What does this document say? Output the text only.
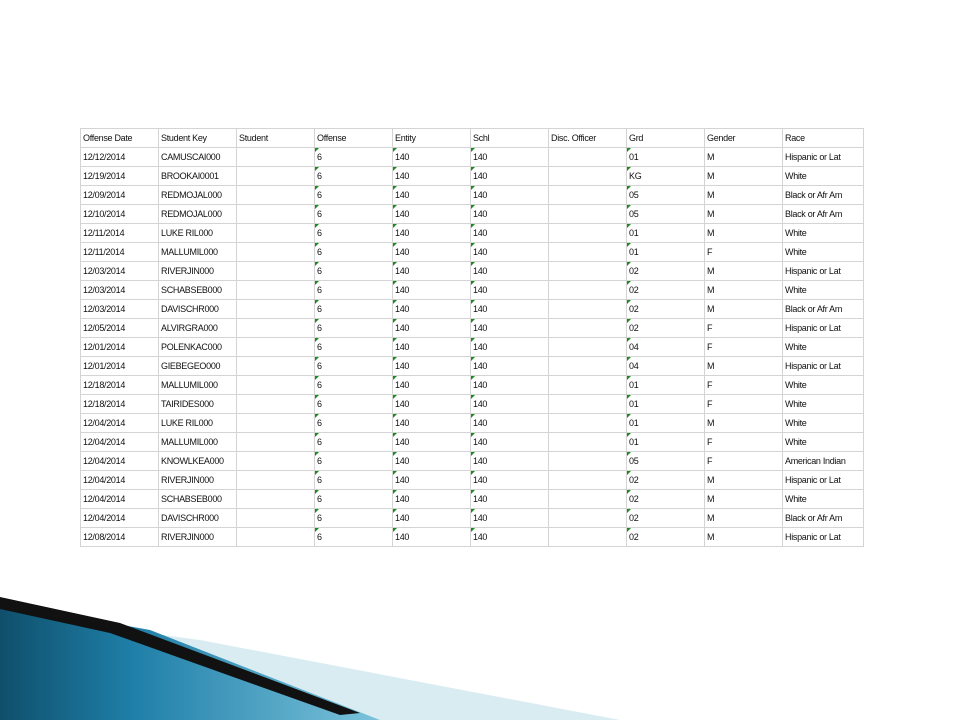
Offense Date	Student Key	Student	Offense	Entity	Schl	Disc. Officer	Grd	Gender	Race
12/12/2014	CAMUSCAI000		6	140	140		01	M	Hispanic or Lat
12/19/2014	BROOKAI0001		6	140	140		KG	M	White
12/09/2014	REDMOJAL000		6	140	140		05	M	Black or Afr Am
12/10/2014	REDMOJAL000		6	140	140		05	M	Black or Afr Am
12/11/2014	LUKE RIL000		6	140	140		01	M	White
12/11/2014	MALLUMIL000		6	140	140		01	F	White
12/03/2014	RIVERJIN000		6	140	140		02	M	Hispanic or Lat
12/03/2014	SCHABSEB000		6	140	140		02	M	White
12/03/2014	DAVISCHR000		6	140	140		02	M	Black or Afr Am
12/05/2014	ALVIRGRA000		6	140	140		02	F	Hispanic or Lat
12/01/2014	POLENKAC000		6	140	140		04	F	White
12/01/2014	GIEBEGEO000		6	140	140		04	M	Hispanic or Lat
12/18/2014	MALLUMIL000		6	140	140		01	F	White
12/18/2014	TAIRIDES000		6	140	140		01	F	White
12/04/2014	LUKE RIL000		6	140	140		01	M	White
12/04/2014	MALLUMIL000		6	140	140		01	F	White
12/04/2014	KNOWLKEA000		6	140	140		05	F	American Indian
12/04/2014	RIVERJIN000		6	140	140		02	M	Hispanic or Lat
12/04/2014	SCHABSEB000		6	140	140		02	M	White
12/04/2014	DAVISCHR000		6	140	140		02	M	Black or Afr Am
12/08/2014	RIVERJIN000		6	140	140		02	M	Hispanic or Lat
